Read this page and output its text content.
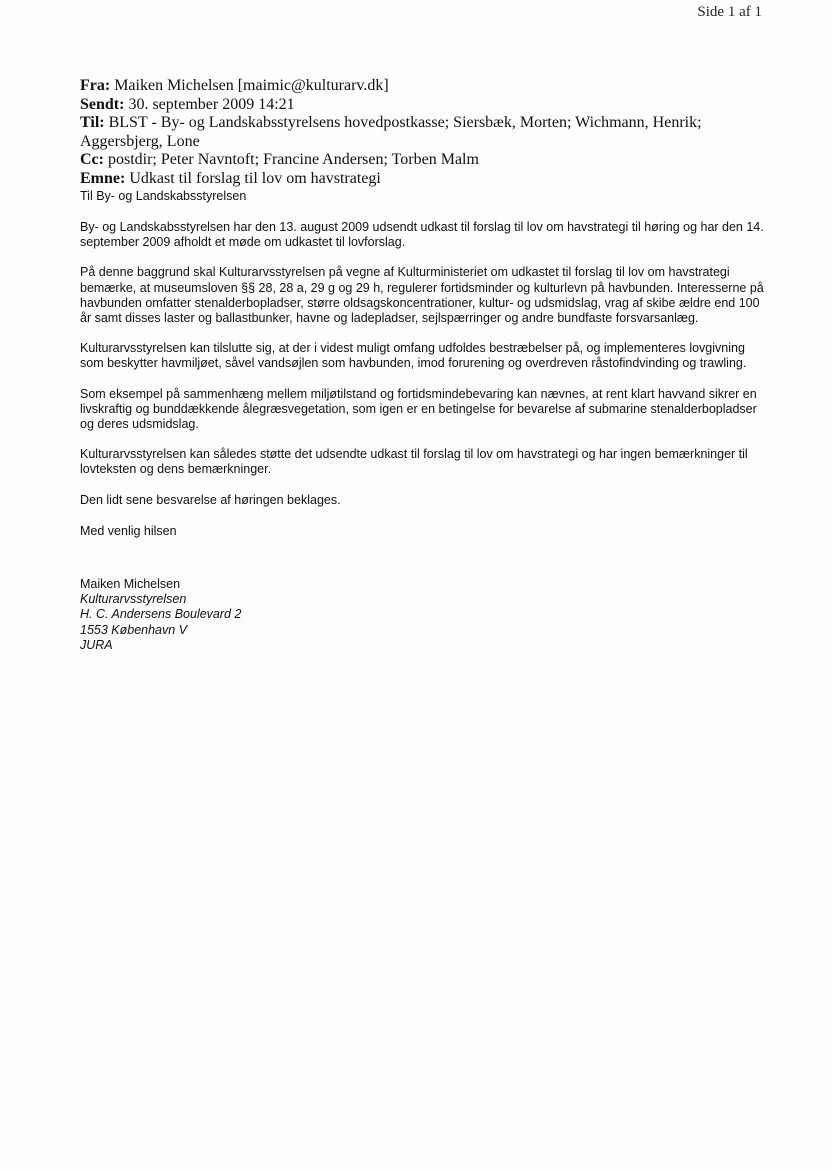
Side 1 af 1
Fra: Maiken Michelsen [maimic@kulturarv.dk]
Sendt: 30. september 2009 14:21
Til: BLST - By- og Landskabsstyrelsens hovedpostkasse; Siersbæk, Morten; Wichmann, Henrik; Aggersbjerg, Lone
Cc: postdir; Peter Navntoft; Francine Andersen; Torben Malm
Emne: Udkast til forslag til lov om havstrategi
Til By- og Landskabsstyrelsen

By- og Landskabsstyrelsen har den 13. august 2009 udsendt udkast til forslag til lov om havstrategi til høring og har den 14. september 2009 afholdt et møde om udkastet til lovforslag.

På denne baggrund skal Kulturarvsstyrelsen på vegne af Kulturministeriet om udkastet til forslag til lov om havstrategi bemærke, at museumsloven §§ 28, 28 a, 29 g og 29 h, regulerer fortidsminder og kulturlevn på havbunden. Interesserne på havbunden omfatter stenalderbopladser, større oldsagskoncentrationer, kultur- og udsmidslag, vrag af skibe ældre end 100 år samt disses laster og ballastbunker, havne og ladepladser, sejlspærringer og andre bundfaste forsvarsanlæg.

Kulturarvsstyrelsen kan tilslutte sig, at der i videst muligt omfang udfoldes bestræbelser på, og implementeres lovgivning som beskytter havmiljøet, såvel vandsøjlen som havbunden, imod forurening og overdreven råstofindvinding og trawling.

Som eksempel på sammenhæng mellem miljøtilstand og fortidsmindebevaring kan nævnes, at rent klart havvand sikrer en livskraftig og bunddækkende ålegræsvegetation, som igen er en betingelse for bevarelse af submarine stenalderbopladser og deres udsmidslag.

Kulturarvsstyrelsen kan således støtte det udsendte udkast til forslag til lov om havstrategi og har ingen bemærkninger til lovteksten og dens bemærkninger.

Den lidt sene besvarelse af høringen beklages.

Med venlig hilsen

Maiken Michelsen
Kulturarvsstyrelsen
H. C. Andersens Boulevard 2
1553 København V
JURA
